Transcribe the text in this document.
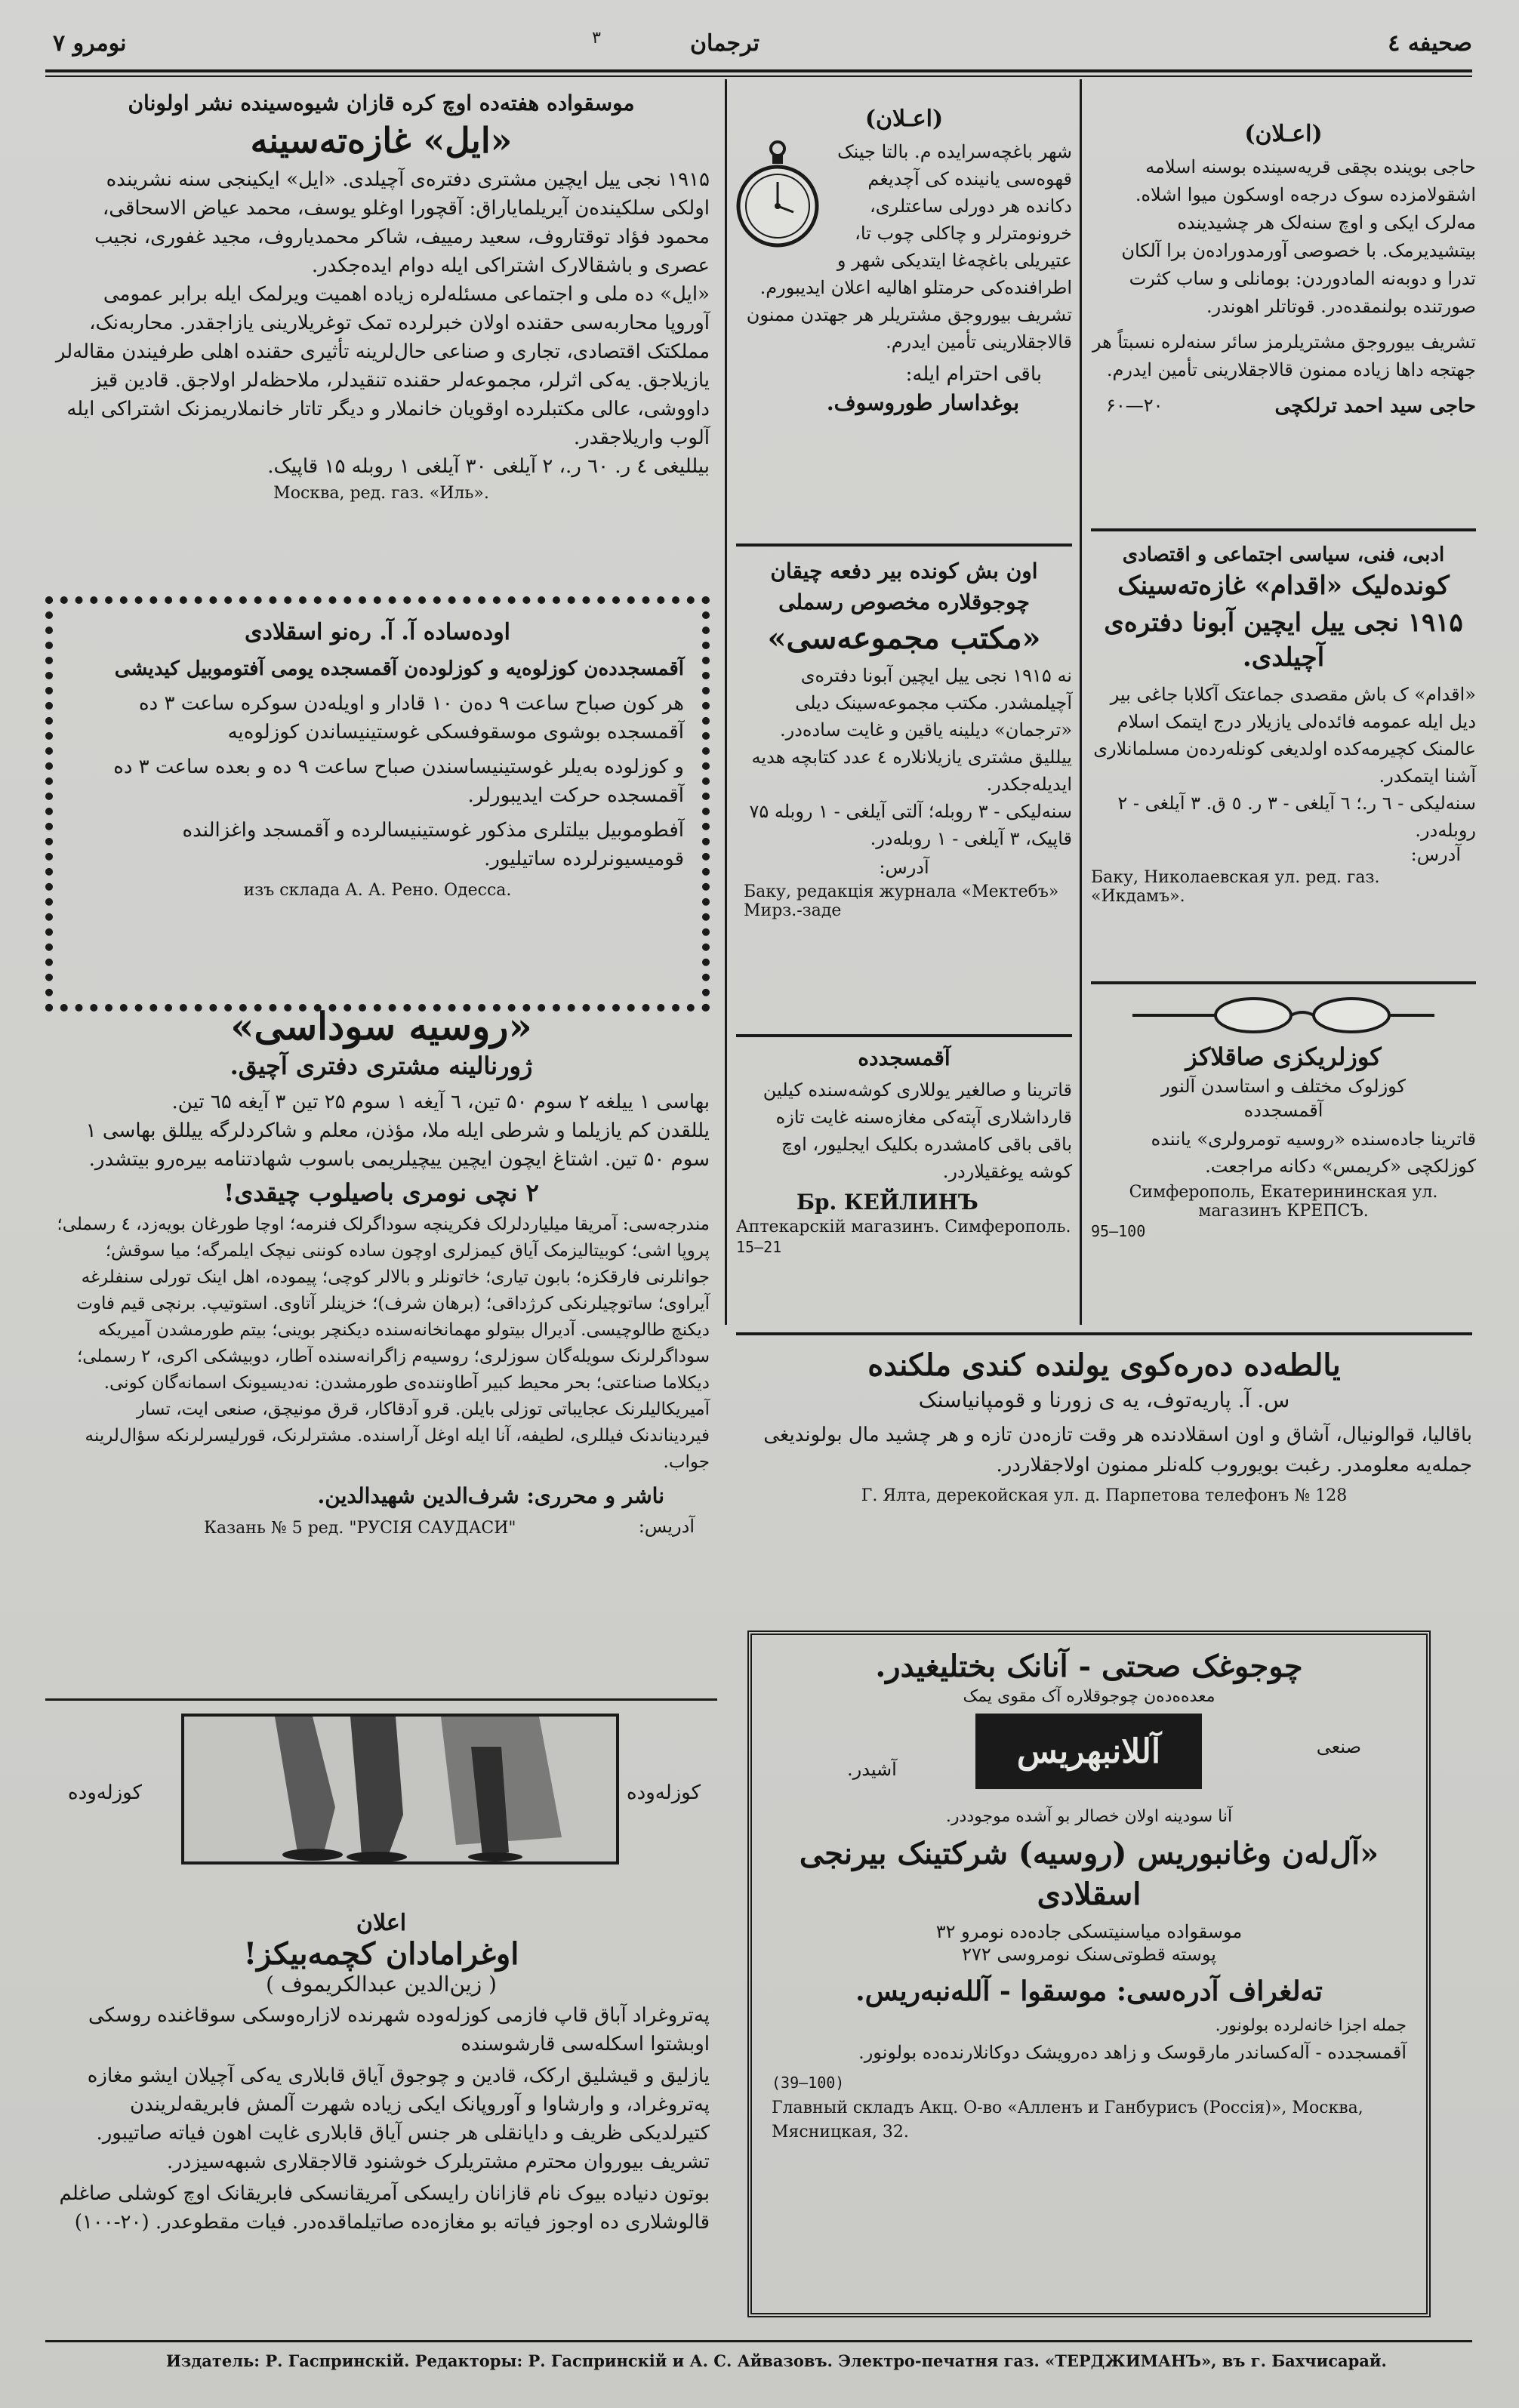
نومرو ۷	ترجمان
۳	صحیفه ٤
موسقواده هفته‌ده ا‌وچ کره قازان شیوه‌سینده نشر اولونان
«ایل» غازه‌ته‌سینه

۱۹۱۵ نجی ییل ایچین مشتری دفتره‌ی آچیلدی. «ایل» ایکینجی سنه نشرینده اولکی سلکینده‌ن آیریلمایاراق: آقچورا اوغلو یوسف، محمد عیاض الاسحاقی، محمود فؤاد توقتاروف، سعید رمییف، شاکر محمدیاروف، مجید غفوری، نجیب عصری و باشقالارک اشتراکی ایله دوام ایده‌جکدر.

«ایل» ده ملی و اجتماعی مسئله‌لره زیاده اهمیت ویرلمک ایله برابر عمومی آوروپا محاربه‌سی حقنده اولان خبرلرده تمک توغریلارینی یازاجقدر. محاربه‌نک، مملکتک اقتصادی، تجاری و صناعی حال‌لرینه تأثیری حقنده اهلی طرفیندن مقاله‌لر یازیلاجق. یه‌کی اثرلر، مجموعه‌لر حقنده تنقیدلر، ملاحظه‌لر اولاجق. قادین قیز داووشی، عالی مکتبلرده اوقویان خانملار و دیگر تاتار خانملاریمزنک اشتراکی ایله آلوب واریلاجقدر.

بیللیغی ٤ ر. ٦۰ ر.، ۲ آیلغی ۳۰ آیلغی ۱ روبله ۱۵ قاپیک.

Москва, ред. газ. «Иль».

اودەساده آ. آ. رەنو اسقلادی

آقمسجدده‌ن کوزلوه‌یه و کوزلوده‌ن آقمسجده یومی آفتوموبیل کیدیشی

هر کون صباح ساعت ۹ دەن ۱۰ قادار و اویلەدن سوکره ساعت ۳ ده آقمسجده بوشوی موسقوفسکی غوستینیساندن کوزلوەیه

و کوزلوده بەیلر غوستینیساسندن صباح ساعت ۹ ده و بعده ساعت ۳ ده آقمسجده حرکت ایدیبورلر.

آفطوموبیل بیلتلری مذکور غوستینیسالرده و آقمسجد واغزالنده قومیسیونرلرده ساتیلیور.

изъ склада А. А. Рено. Одесса.

«روسیه سوداسی»
ژورنالینه مشتری دفتری آچیق.

بهاسی ۱ ییلغه ۲ سوم ۵۰ تین، ٦ آیغه ۱ سوم ۲۵ تین ۳ آیغه ٦۵ تین.

یللقدن کم یازیلما و شرطی ایله ملا، مؤذن، معلم و شاکردلرگه ییللق بهاسی ۱ سوم ۵۰ تین. اشتاغ ایچون ایچین ییچیلریمی باسوب شهادتنامه بیره‌رو بیتشدر.

۲ نچی نومری باصیلوب چیقدی!

مندرجه‌سی: آمریقا میلیاردلرلک فکرینچه سوداگرلک فنرمه؛ اوچا طورغان بویه‌زد، ٤ رسملی؛ پروپا اشی؛ کوبیتالیزمک آیاق کیمزلری اوچون ساده کوننی نیچک ایلمرگه؛ میا سوقش؛ جوانلرنی فارقکزه؛ بابون تیاری؛ خاتونلر و بالالر کوچی؛ پیموده، اهل اینک تورلی سنفلرغه آیراوی؛ ساتوچیلرنکی کرژداقی؛ (برهان شرف)؛ خزینلر آتاوی. استوتیپ. برنچی قیم فاوت دیکنچ طالوچیسی. آدیرال بیتولو مهمانخانه‌سنده دیکنچر بوینی؛ بیتم طورمشدن آمیریکه سوداگرلرنک سویله‌گان سوزلری؛ روسیه‌م زاگرانه‌سنده آطار، دوبیشکی اکری، ۲ رسملی؛ دیکلاما صناعتی؛ بحر محیط کبیر آطاوننده‌ی طورمشدن: نەدیسیونک اسمانەگان کونی. آمیریکالیلرنک عجایباتی توزلی بایلن. قرو آدقاکار، قرق مونیچق، صنعی ایت، تسار فیردیناندنک فیللری، لطیفه، آنا ایله اوغل آراسنده. مشترلرنک، قورلیسرلرنکه سؤال‌لرینه جواب.

ناشر و محرری: شرف‌الدین شهیدالدین.

Казань № 5 ред. "РУСІЯ САУДАСИ"	آدریس:
کوزله‌وده	کوزله‌وده
اعلان
اوغرامادان کچمه‌بیکز!
( زین‌الدین عبدالکریموف )

پەتروغراد آباق قاپ فازمی کوزلەوده شهرنده لازارەوسکی سوقاغنده روسکی اوبشتوا اسکلەسی قارشوسنده

یازلیق و قیشلیق ارکک، قادین و چوجوق آیاق قابلاری یەکی آچیلان ایشو مغازه پەتروغراد، و وارشاوا و آوروپانک ایکی زیاده شهرت آلمش فابریقەلریندن کتیرلدیکی ظریف و دایانقلی هر جنس آیاق قابلاری غایت اهون فیاته صاتیبور. تشریف بیوروان محترم مشتریلرک خوشنود قالاجقلاری شبهه‌سیزدر.

بوتون دنیاده بیوک نام قازانان رایسکی آمریقانسکی فابریقانک اوچ کوشلی صاغلم قالوشلاری ده اوجوز فیاته بو مغازەده صاتیلماقده‌در. فیات مقطوعدر. (۲۰-۱۰۰)

(اعـلان)

شهر باغچه‌سرایده م. بالتا جینک قهوه‌سی یانینده کی آچدیغم دکانده هر دورلی ساعتلری، خرونومترلر و چاکلی چوب تا، عتیریلی باغچه‌غا ایتدیکی شهر و اطرافنده‌کی حرمتلو اهالیه اعلان ایدیبورم.

تشریف بیوروجق مشتریلر هر جهتدن ممنون قالاجقلارینی تأمین ایدرم.

باقی احترام ایله:

بوغداسار طوروسوف.

اون بش کونده بیر دفعه چیقان
چوجوقلاره مخصوص رسملی
«مکتب مجموعه‌سی»

نه ۱۹۱۵ نجی ییل ایچین آبونا دفتره‌ی آچیلمشدر. مکتب مجموعه‌سینک دیلی «ترجمان» دیلینه یاقین و غایت ساده‌در. ییللیق مشتری یازیلانلاره ٤ عدد کتابچه هدیه ایدیله‌جکدر.

سنه‌لیکی - ۳ روبله؛ آلتی آیلغی - ۱ روبله ۷۵ قاپیک، ۳ آیلغی - ۱ روبله‌در.

آدرس:

Баку, редакція журнала «Мектебъ» Мирз.-заде

آقمسجدده

قاترینا و صالغیر یوللاری کوشه‌سنده کیلین قارداشلاری آپتەکی مغازەسنه غایت تازه باقی باقی کامشدره بکلیک ایجلیور، اوچ کوشه یوغقیلاردر.

Бр. КЕЙЛИНЪ

Аптекарскій магазинъ. Симферополь.

15—21

(اعـلان)

حاجی بوینده بچقی قریه‌سینده بوسنه اسلامه اشقولامزده سوک درجه‌ه اوسکون میوا اشلاه. مەلرک ایکی و اوچ سنه‌لک هر چشیدینده بیتشیدیرمک. با خصوصی آورمدوراده‌ن برا آلکان تدرا و دوبه‌نه المادوردن: بومانلی و ساب کثرت صورتنده بولنمقده‌در. قوتاتلر اهوندر.

تشریف بیوروجق مشتریلرمز سائر سنه‌لره نسبتاً هر جهتجه داها زیاده ممنون قالاجقلارینی تأمین ایدرم.

حاجی سید احمد ترلکچی
۲۰—۶۰
ادبی، فنی، سیاسی اجتماعی و اقتصادی
کونده‌لیک «اقدام» غازه‌ته‌سینک
۱۹۱۵ نجی ییل ایچین آبونا دفتره‌ی آچیلدی.

«اقدام» ک باش مقصدی جماعتک آکلابا جاغی بیر دیل ایله عمومه فائدەلی یازیلار درج ایتمک اسلام عالمنک کچیرمه‌کده اولدیغی کونلەرده‌ن مسلمانلاری آشنا ایتمکدر.

سنەلیکی - ٦ ر.؛ ٦ آیلغی - ۳ ر. ٥ ق. ۳ آیلغی - ۲ روبله‌در.

آدرس:

Баку, Николаевская ул. ред. газ. «Икдамъ».

کوزلریکزی صاقلاکز
کوزلوک مختلف و استاسدن آلنور
آقمسجدده

قاترینا جادەسنده «روسیه تومرولری» یاننده کوزلکچی «کریمس» دکانه مراجعت.

Симферополь, Екатерининская ул.

магазинъ КРЕПСЪ.

95—100

یالطه‌ده دەره‌کوی یولنده کندی ملکنده
س. آ. پاریه‌توف، یه ی زورنا و قومپانیاسنک

باقالیا، قوالونیال، آشاق و اون اسقلادنده هر وقت تازه‌دن تازه و هر چشید مال بولوندیغی جمله‌یه معلومدر. رغبت بویوروب کله‌نلر ممنون اولاجقلاردر.

Г. Ялта, дерекойская ул. д. Парпетова телефонъ № 128

چوجوغک صحتی - آنانک بختلیغیدر.
معده‌ه‌ده‌ن چوجوقلاره آک مقوی یمک
صنعی
آللانبهریس
آشیدر.
آنا سودینه اولان خصالر بو آشده موجوددر.
«آل‌لەن وغانبوریس (روسیه) شرکتینک بیرنجی اسقلادی
موسقوادە میاسنیتسکی جادەده نومرو ۳۲
پوسته قطوتی‌سنک نومرو‌سی ۲۷۲
تەلغراف آدرەسی: موسقوا - آللەنبەریس.

جمله اجزا خانه‌لرده بولونور.

آقمسجدده - آله‌کساندر مارقوسک و زاهد دەرویشک دو‌کانلارنده‌ده بولونور.

(39—100)

Главный складъ Акц. О-во «Алленъ и Ганбурисъ (Россія)», Москва, Мясницкая, 32.

Издатель: Р. Гаспринскій. Редакторы: Р. Гаспринскій и А. С. Айвазовъ. Электро-печатня газ. «ТЕРДЖИМАНЪ», въ г. Бахчисарай.
